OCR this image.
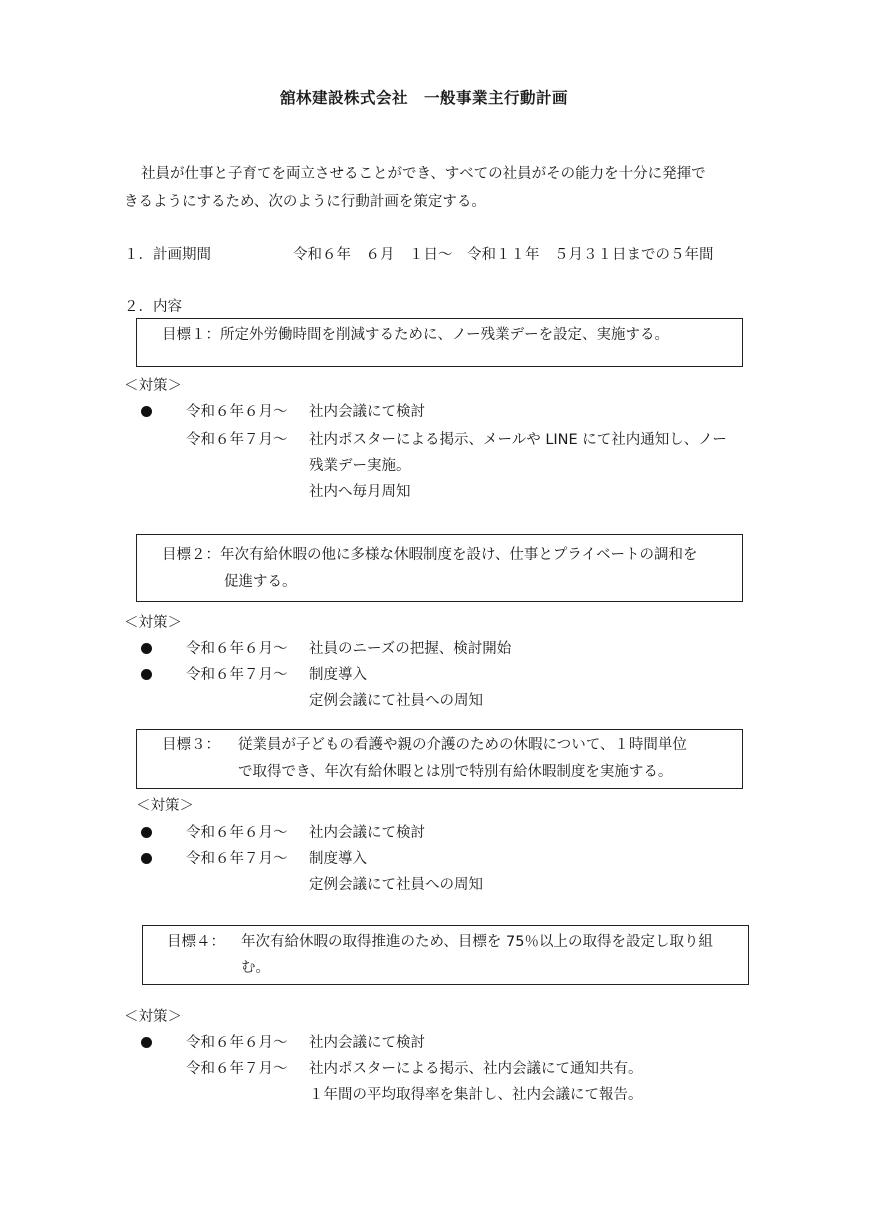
舘林建設株式会社　一般事業主行動計画
社員が仕事と子育てを両立させることができ、すべての社員がその能力を十分に発揮で
きるようにするため、次のように行動計画を策定する。
１．計画期間	令和６年　６月　１日～　令和１１年　５月３１日までの５年間
２．内容
目標１：所定外労働時間を削減するために、ノー残業デーを設定、実施する。
＜対策＞
令和６年６月～ 社内会議にて検討
令和６年７月～ 社内ポスターによる掲示、メールや LINE にて社内通知し、ノー
残業デー実施。
社内へ毎月周知
目標２：年次有給休暇の他に多様な休暇制度を設け、仕事とプライベートの調和を
促進する。
＜対策＞
令和６年６月～ 社員のニーズの把握、検討開始
令和６年７月～ 制度導入
定例会議にて社員への周知
目標３： 従業員が子どもの看護や親の介護のための休暇について、１時間単位
で取得でき、年次有給休暇とは別で特別有給休暇制度を実施する。
＜対策＞
令和６年６月～ 社内会議にて検討
令和６年７月～ 制度導入
定例会議にて社員への周知
目標４： 年次有給休暇の取得推進のため、目標を 75％以上の取得を設定し取り組
む。
＜対策＞
令和６年６月～ 社内会議にて検討
令和６年７月～ 社内ポスターによる掲示、社内会議にて通知共有。
１年間の平均取得率を集計し、社内会議にて報告。
